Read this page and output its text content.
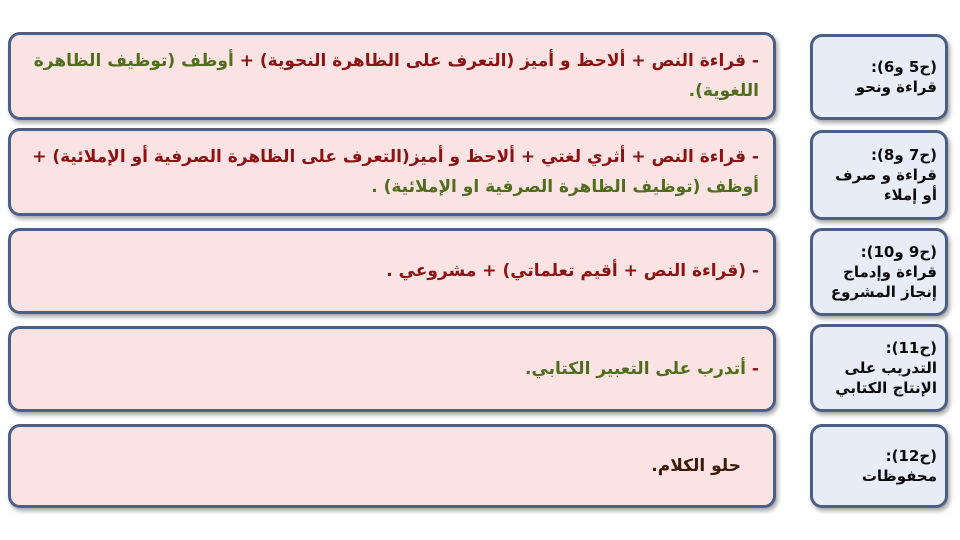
(ح5 و6):
قراءة ونحو
- قراءة النص + ألاحظ و أميز (التعرف على الظاهرة النحوية) + أوظف (توظيف الظاهرة اللغوية).
(ح7 و8):
قراءة و صرف
أو إملاء
- قراءة النص + أثري لغتي + ألاحظ و أميز(التعرف على الظاهرة الصرفية أو الإملائية) + أوظف (توظيف الظاهرة الصرفية او الإملائية) .
(ح9 و10):
قراءة وإدماج
إنجاز المشروع
- (قراءة النص + أقيم تعلماتي) + مشروعي .
(ح11):
التدريب على
الإنتاج الكتابي
- أتدرب على التعبير الكتابي.
(ح12):
محفوظات
حلو الكلام.
